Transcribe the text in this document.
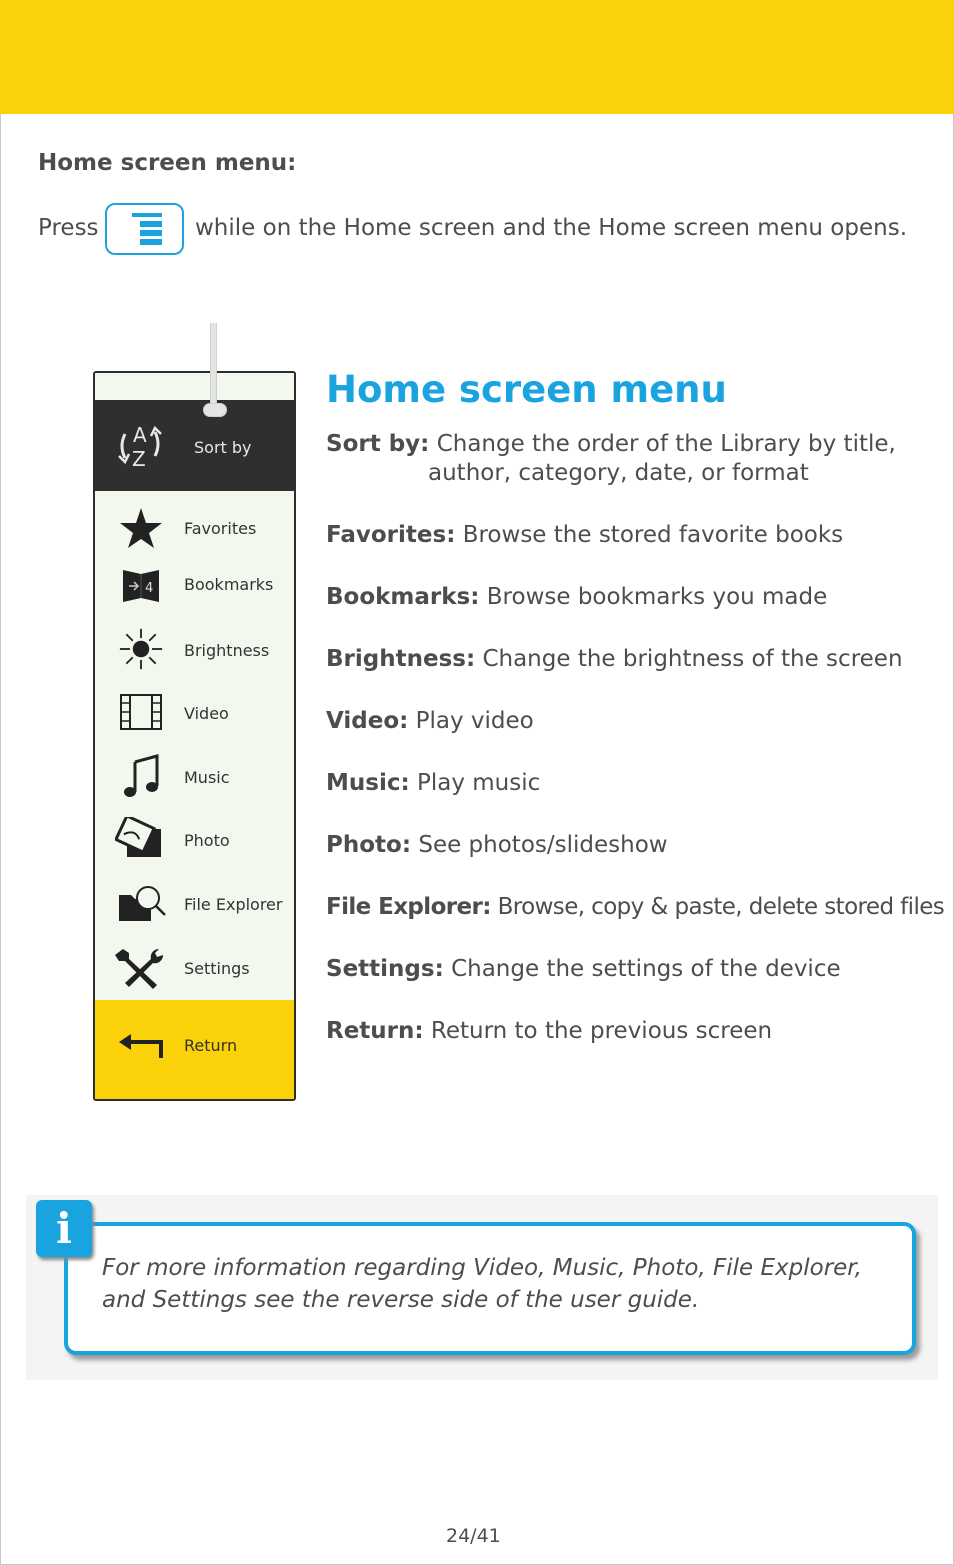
Home screen menu:
Press	while on the Home screen and the Home screen menu opens.
A
Z	Sort by
Favorites
4 Bookmarks
Brightness
Video
Music
Photo
File Explorer
Settings
Return
Home screen menu
Sort by: Change the order of the Library by title,
author, category, date, or format
Favorites: Browse the stored favorite books
Bookmarks: Browse bookmarks you made
Brightness: Change the brightness of the screen
Video: Play video
Music: Play music
Photo: See photos/slideshow
File Explorer: Browse, copy & paste, delete stored files
Settings: Change the settings of the device
Return: Return to the previous screen
i
For more information regarding Video, Music, Photo, File Explorer, and Settings see the reverse side of the user guide.
24/41
